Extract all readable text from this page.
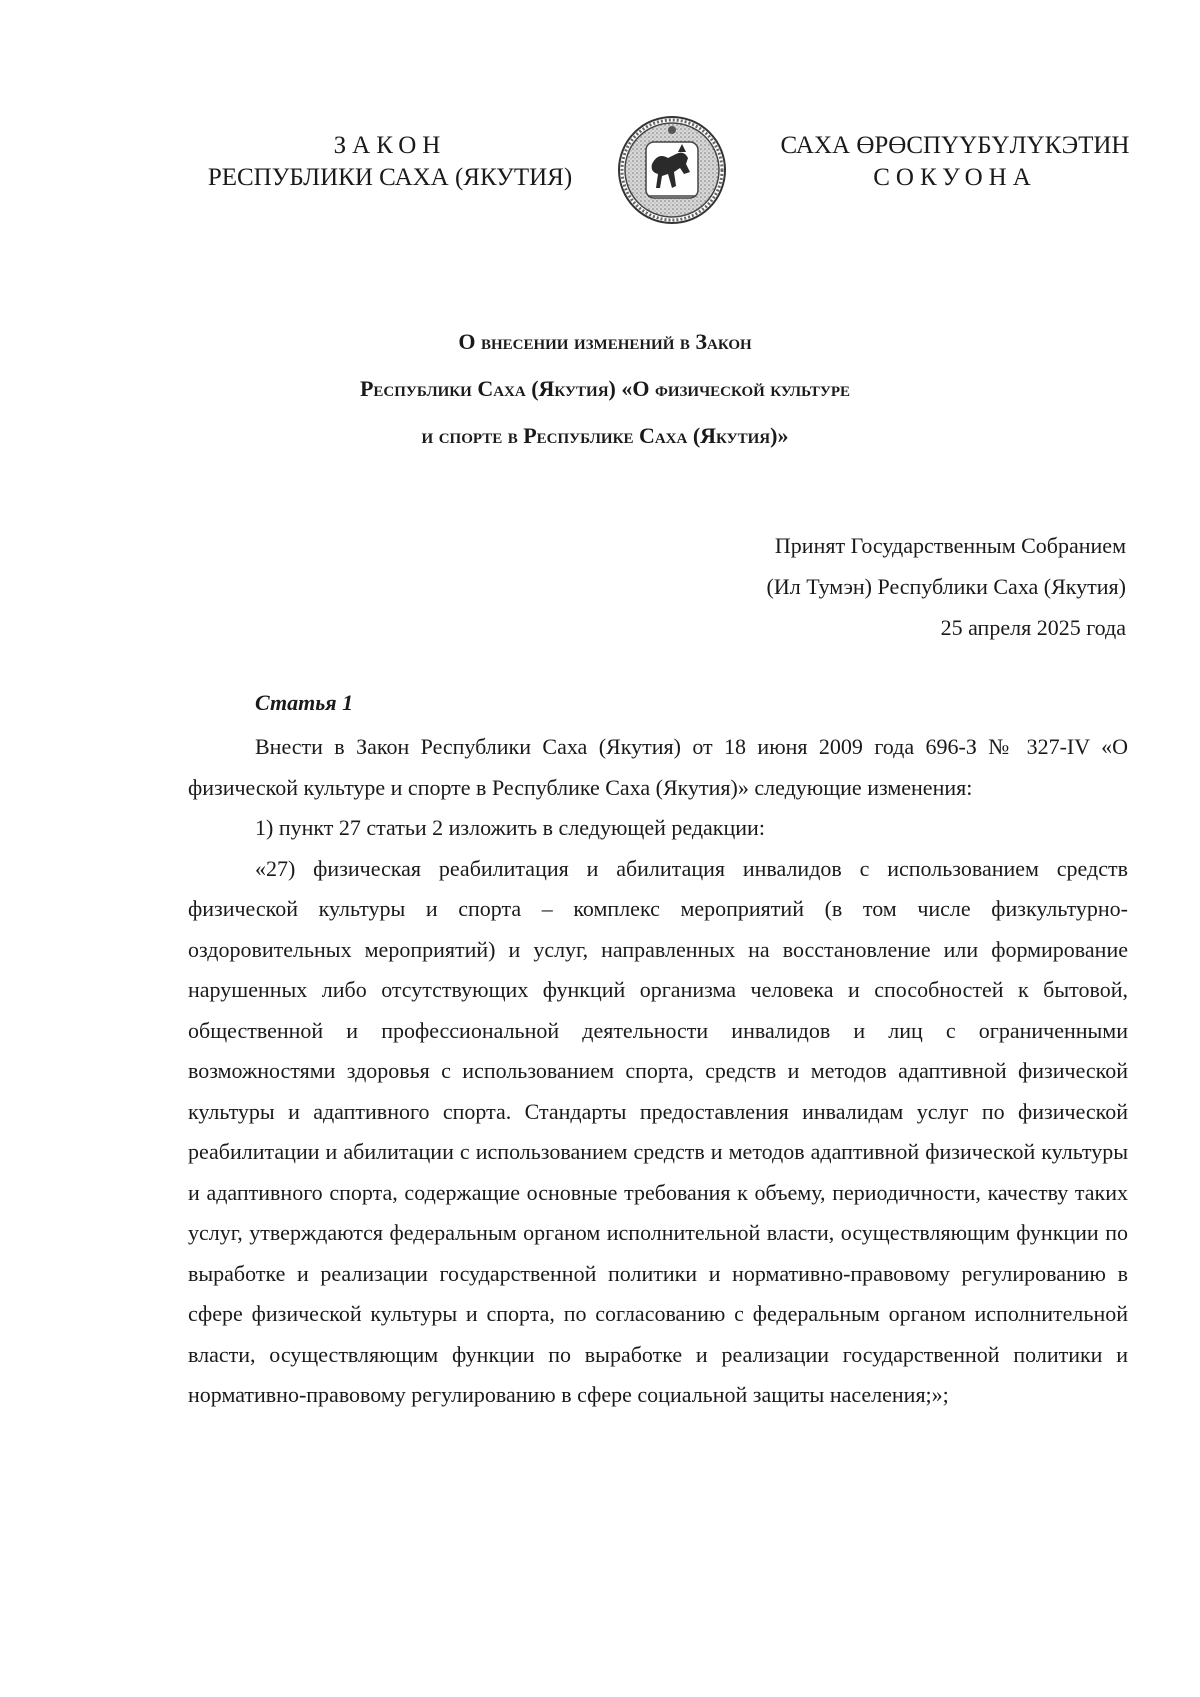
ЗАКОН
РЕСПУБЛИКИ САХА (ЯКУТИЯ)
САХА ӨРӨСПҮҮБҮЛҮКЭТИН
СОКУОНА
О внесении изменений в Закон
Республики Саха (Якутия) «О физической культуре
и спорте в Республике Саха (Якутия)»
Принят Государственным Собранием
(Ил Тумэн) Республики Саха (Якутия)
25 апреля 2025 года
Статья 1

Внести в Закон Республики Саха (Якутия) от 18 июня 2009 года 696-З № 327-IV «О физической культуре и спорте в Республике Саха (Якутия)» следующие изменения:

1) пункт 27 статьи 2 изложить в следующей редакции:

«27) физическая реабилитация и абилитация инвалидов с использованием средств физической культуры и спорта – комплекс мероприятий (в том числе физкультурно-оздоровительных мероприятий) и услуг, направленных на восстановление или формирование нарушенных либо отсутствующих функций организма человека и способностей к бытовой, общественной и профессиональной деятельности инвалидов и лиц с ограниченными возможностями здоровья с использованием спорта, средств и методов адаптивной физической культуры и адаптивного спорта. Стандарты предоставления инвалидам услуг по физической реабилитации и абилитации с использованием средств и методов адаптивной физической культуры и адаптивного спорта, содержащие основные требования к объему, периодичности, качеству таких услуг, утверждаются федеральным органом исполнительной власти, осуществляющим функции по выработке и реализации государственной политики и нормативно-правовому регулированию в сфере физической культуры и спорта, по согласованию с федеральным органом исполнительной власти, осуществляющим функции по выработке и реализации государственной политики и нормативно-правовому регулированию в сфере социальной защиты населения;»;
